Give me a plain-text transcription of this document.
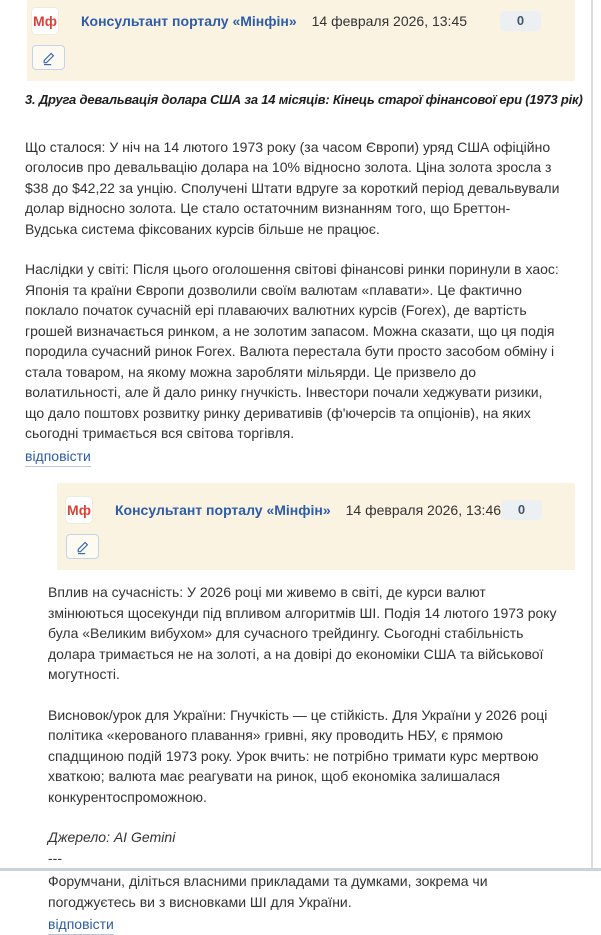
Мф Консультант порталу «Мінфін» 14 февраля 2026, 13:45	0
3. Друга девальвація долара США за 14 місяців: Кінець старої фінансової ери (1973 рік)

Що сталося: У ніч на 14 лютого 1973 року (за часом Європи) уряд США офіційно оголосив про девальвацію долара на 10% відносно золота. Ціна золота зросла з $38 до $42,22 за унцію. Сполучені Штати вдруге за короткий період девальвували долар відносно золота. Це стало остаточним визнанням того, що Бреттон-Вудська система фіксованих курсів більше не працює.

Наслідки у світі: Після цього оголошення світові фінансові ринки поринули в хаос: Японія та країни Європи дозволили своїм валютам «плавати». Це фактично поклало початок сучасній ері плаваючих валютних курсів (Forex), де вартість грошей визначається ринком, а не золотим запасом. Можна сказати, що ця подія породила сучасний ринок Forex. Валюта перестала бути просто засобом обміну і стала товаром, на якому можна заробляти мільярди. Це призвело до волатильності, але й дало ринку гнучкість. Інвестори почали хеджувати ризики, що дало поштовх розвитку ринку деривативів (ф'ючерсів та опціонів), на яких сьогодні тримається вся світова торгівля.

відповісти
Мф Консультант порталу «Мінфін» 14 февраля 2026, 13:46	0

Вплив на сучасність: У 2026 році ми живемо в світі, де курси валют змінюються щосекунди під впливом алгоритмів ШІ. Подія 14 лютого 1973 року була «Великим вибухом» для сучасного трейдингу. Сьогодні стабільність долара тримається не на золоті, а на довірі до економіки США та військової могутності.

Висновок/урок для України: Гнучкість — це стійкість. Для України у 2026 році політика «керованого плавання» гривні, яку проводить НБУ, є прямою спадщиною подій 1973 року. Урок вчить: не потрібно тримати курс мертвою хваткою; валюта має реагувати на ринок, щоб економіка залишалася конкурентоспроможною.

Джерело: AI Gemini

---

Форумчани, діліться власними прикладами та думками, зокрема чи погоджуєтесь ви з висновками ШІ для України.

відповісти
